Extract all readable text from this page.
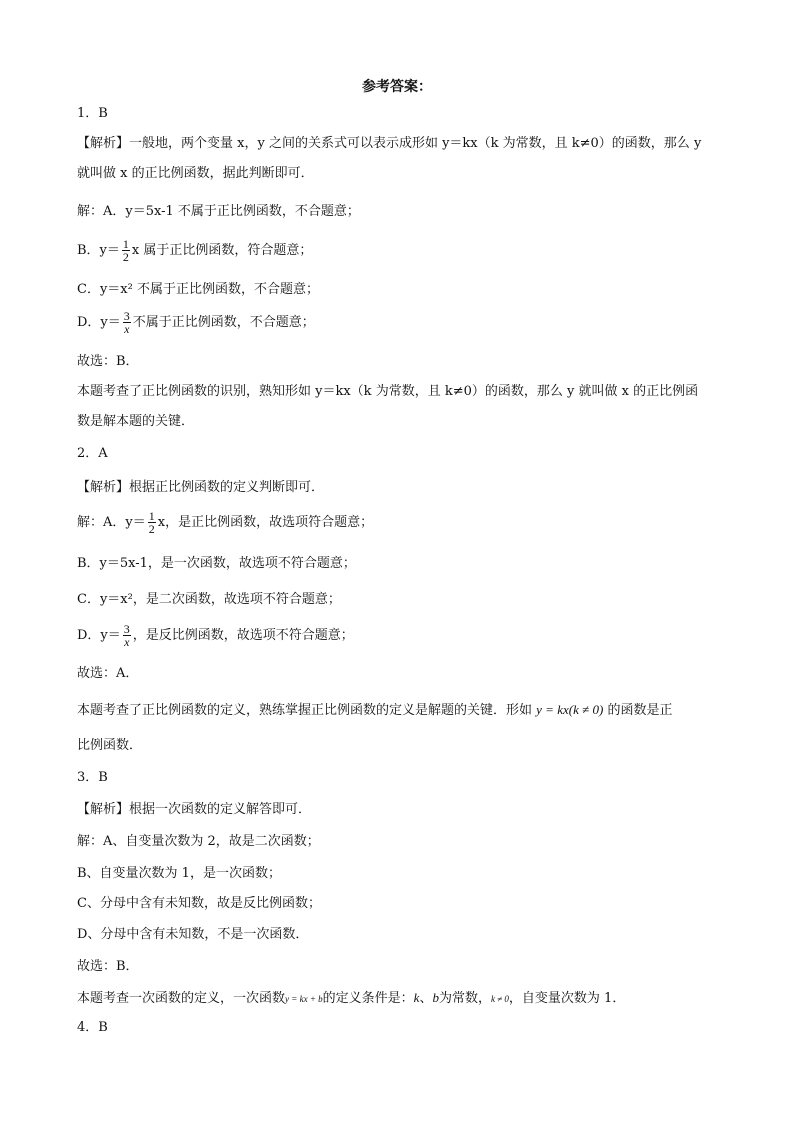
参考答案：
1．B
【解析】一般地，两个变量 x，y 之间的关系式可以表示成形如 y＝kx（k 为常数，且 k≠0）的函数，那么 y
就叫做 x 的正比例函数，据此判断即可．
解：A．y＝5x-1 不属于正比例函数，不合题意；
B．$y= \frac{1}{2}$ x 属于正比例函数，符合题意；
C．y＝x² 不属于正比例函数，不合题意；
D．$y= \frac{3}{x}$ 不属于正比例函数，不合题意；
故选：B．
本题考查了正比例函数的识别，熟知形如 y＝kx（k 为常数，且 k≠0）的函数，那么 y 就叫做 x 的正比例函
数是解本题的关键．
2．A
【解析】根据正比例函数的定义判断即可．
解：A．$y= \frac{1}{2}$ x，是正比例函数，故选项符合题意；
B．y＝5x-1，是一次函数，故选项不符合题意；
C．y＝x²，是二次函数，故选项不符合题意；
D．$y= \frac{3}{x}$ ，是反比例函数，故选项不符合题意；
故选：A．
本题考查了正比例函数的定义，熟练掌握正比例函数的定义是解题的关键．形如 y = kx(k ≠ 0) 的函数是正
比例函数．
3．B
【解析】根据一次函数的定义解答即可．
解：A、自变量次数为 2，故是二次函数；
B、自变量次数为 1，是一次函数；
C、分母中含有未知数，故是反比例函数；
D、分母中含有未知数，不是一次函数．
故选：B．
本题考查一次函数的定义，一次函数y = kx + b的定义条件是：k、b为常数，k ≠ 0，自变量次数为 1．
4．B
